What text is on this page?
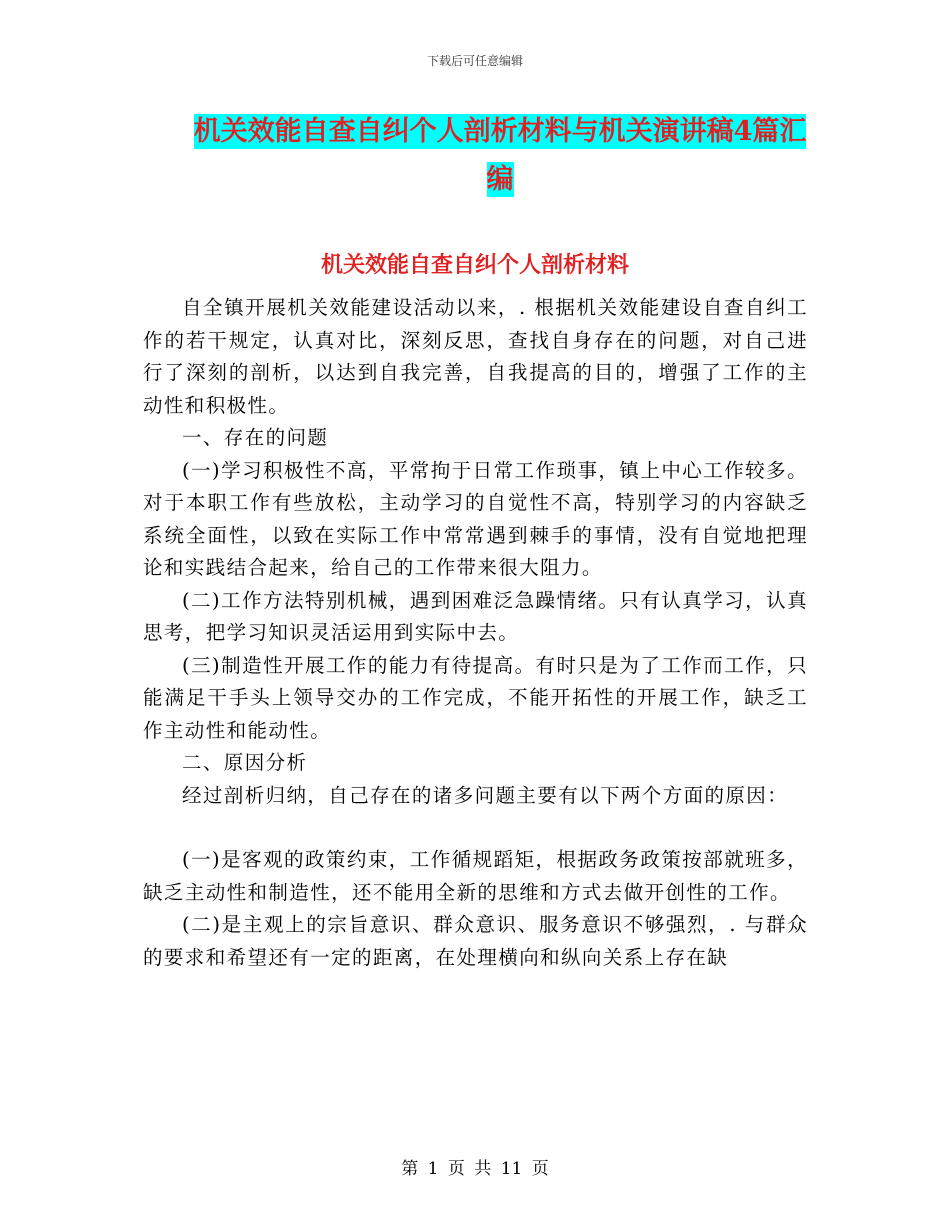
下载后可任意编辑
机关效能自查自纠个人剖析材料与机关演讲稿4篇汇
编
机关效能自查自纠个人剖析材料

自全镇开展机关效能建设活动以来，. 根据机关效能建设自查自纠工作的若干规定，认真对比，深刻反思，查找自身存在的问题，对自己进行了深刻的剖析，以达到自我完善，自我提高的目的，增强了工作的主动性和积极性。

一、存在的问题

(一)学习积极性不高，平常拘于日常工作琐事，镇上中心工作较多。对于本职工作有些放松，主动学习的自觉性不高，特别学习的内容缺乏系统全面性，以致在实际工作中常常遇到棘手的事情，没有自觉地把理论和实践结合起来，给自己的工作带来很大阻力。

(二)工作方法特别机械，遇到困难泛急躁情绪。只有认真学习，认真思考，把学习知识灵活运用到实际中去。

(三)制造性开展工作的能力有待提高。有时只是为了工作而工作，只能满足干手头上领导交办的工作完成，不能开拓性的开展工作，缺乏工作主动性和能动性。

二、原因分析

经过剖析归纳，自己存在的诸多问题主要有以下两个方面的原因：

(一)是客观的政策约束，工作循规蹈矩，根据政务政策按部就班多，缺乏主动性和制造性，还不能用全新的思维和方式去做开创性的工作。

(二)是主观上的宗旨意识、群众意识、服务意识不够强烈，. 与群众的要求和希望还有一定的距离，在处理横向和纵向关系上存在缺

第 1 页 共 11 页
